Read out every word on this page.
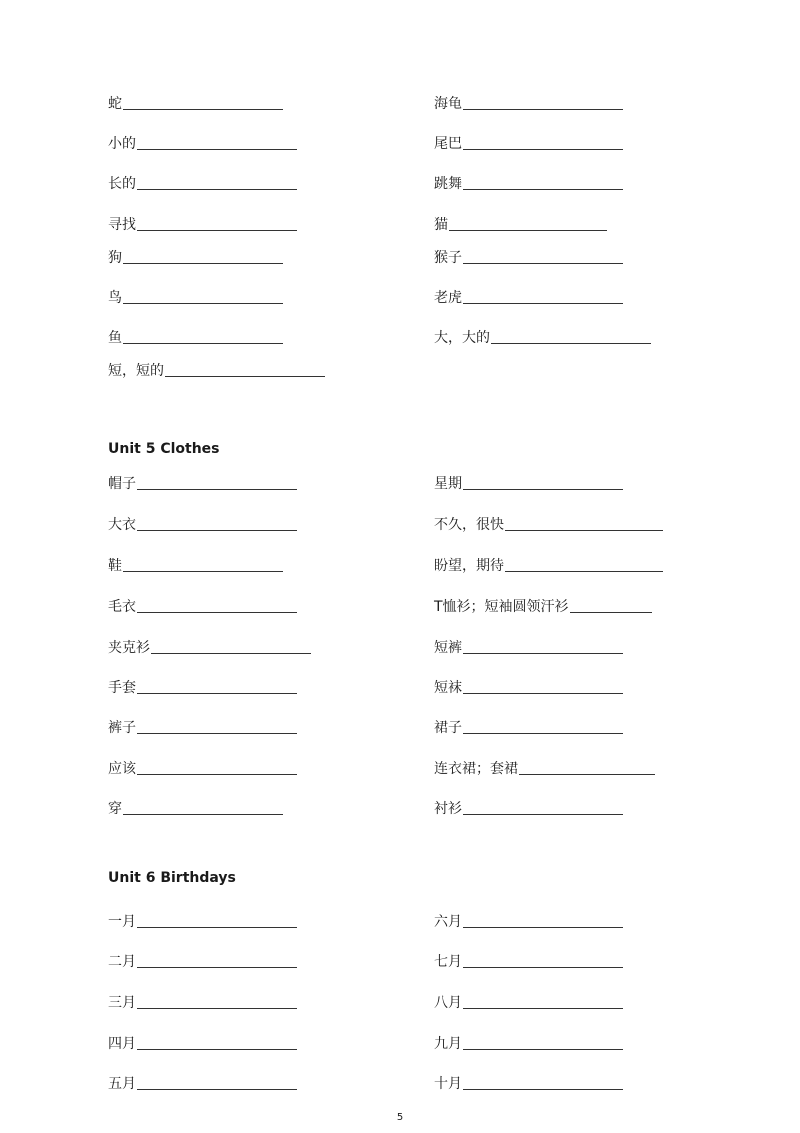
蛇	海龟
小的	尾巴
长的	跳舞
寻找	猫
狗	猴子
鸟	老虎
鱼	大，大的
短，短的
Unit 5 Clothes
帽子	星期
大衣	不久，很快
鞋	盼望，期待
毛衣	T恤衫；短袖圆领汗衫
夹克衫	短裤
手套	短袜
裤子	裙子
应该	连衣裙；套裙
穿	衬衫
Unit 6 Birthdays
一月	六月
二月	七月
三月	八月
四月	九月
五月	十月
5
